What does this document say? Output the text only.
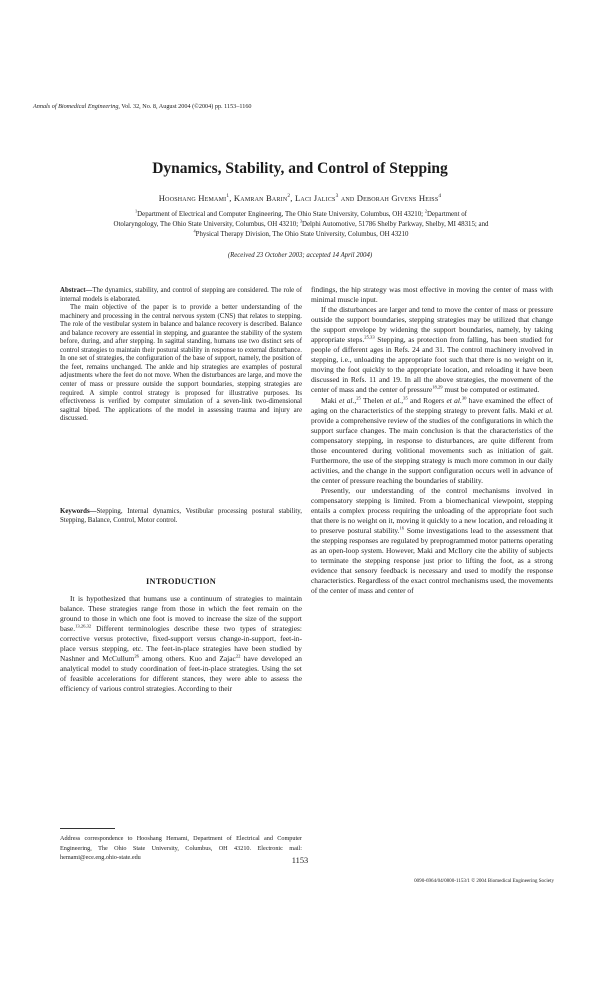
Annals of Biomedical Engineering, Vol. 32, No. 8, August 2004 (©2004) pp. 1153–1160
Dynamics, Stability, and Control of Stepping
Hooshang Hemami$^1$, Kamran Barin$^2$, Laci Jalics$^3$ and Deborah Givens Heiss$^4$
$^1$Department of Electrical and Computer Engineering, The Ohio State University, Columbus, OH 43210; $^2$Department of
Otolaryngology, The Ohio State University, Columbus, OH 43210; $^3$Delphi Automotive, 51786 Shelby Parkway, Shelby, MI 48315; and
$^4$Physical Therapy Division, The Ohio State University, Columbus, OH 43210
(Received 23 October 2003; accepted 14 April 2004)

Abstract—The dynamics, stability, and control of stepping are considered. The role of internal models is elaborated.

The main objective of the paper is to provide a better understanding of the machinery and processing in the central nervous system (CNS) that relates to stepping. The role of the vestibular system in balance and balance recovery is described. Balance and balance recovery are essential in stepping, and guarantee the stability of the system before, during, and after stepping. In sagittal standing, humans use two distinct sets of control strategies to maintain their postural stability in response to external disturbance. In one set of strategies, the configuration of the base of support, namely, the position of the feet, remains unchanged. The ankle and hip strategies are examples of postural adjustments where the feet do not move. When the disturbances are large, and move the center of mass or pressure outside the support boundaries, stepping strategies are required. A simple control strategy is proposed for illustrative purposes. Its effectiveness is verified by computer simulation of a seven-link two-dimensional sagittal biped. The applications of the model in assessing trauma and injury are discussed.

Keywords—Stepping, Internal dynamics, Vestibular processing postural stability, Stepping, Balance, Control, Motor control.
INTRODUCTION

It is hypothesized that humans use a continuum of strategies to maintain balance. These strategies range from those in which the feet remain on the ground to those in which one foot is moved to increase the size of the support base.$^{13,26,32}$ Different terminologies describe these two types of strategies: corrective versus protective, fixed-support versus change-in-support, feet-in-place versus stepping, etc. The feet-in-place strategies have been studied by Nashner and McCullum$^{26}$ among others. Kuo and Zajac$^{22}$ have developed an analytical model to study coordination of feet-in-place strategies. Using the set of feasible accelerations for different stances, they were able to assess the efficiency of various control strategies. According to their

findings, the hip strategy was most effective in moving the center of mass with minimal muscle input.

If the disturbances are larger and tend to move the center of mass or pressure outside the support boundaries, stepping strategies may be utilized that change the support envelope by widening the support boundaries, namely, by taking appropriate steps.$^{25,33}$ Stepping, as protection from falling, has been studied for people of different ages in Refs. 24 and 31. The control machinery involved in stepping, i.e., unloading the appropriate foot such that there is no weight on it, moving the foot quickly to the appropriate location, and reloading it have been discussed in Refs. 11 and 19. In all the above strategies, the movement of the center of mass and the center of pressure$^{18,29}$ must be computed or estimated.

Maki et al.,$^{25}$ Thelen et al.,$^{35}$ and Rogers et al.$^{30}$ have examined the effect of aging on the characteristics of the stepping strategy to prevent falls. Maki et al. provide a comprehensive review of the studies of the configurations in which the support surface changes. The main conclusion is that the characteristics of the compensatory stepping, in response to disturbances, are quite different from those encountered during volitional movements such as initiation of gait. Furthermore, the use of the stepping strategy is much more common in our daily activities, and the change in the support configuration occurs well in advance of the center of pressure reaching the boundaries of stability.

Presently, our understanding of the control mechanisms involved in compensatory stepping is limited. From a biomechanical viewpoint, stepping entails a complex process requiring the unloading of the appropriate foot such that there is no weight on it, moving it quickly to a new location, and reloading it to preserve postural stability.$^{16}$ Some investigations lead to the assessment that the stepping responses are regulated by preprogrammed motor patterns operating as an open-loop system. However, Maki and McIlory cite the ability of subjects to terminate the stepping response just prior to lifting the foot, as a strong evidence that sensory feedback is necessary and used to modify the response characteristics. Regardless of the exact control mechanisms used, the movements of the center of mass and center of

Address correspondence to Hooshang Hemami, Department of Electrical and Computer Engineering, The Ohio State University, Columbus, OH 43210. Electronic mail: hemami@ece.eng.ohio-state.edu	1153
0090-6964/04/0800-1153/1 © 2004 Biomedical Engineering Society
